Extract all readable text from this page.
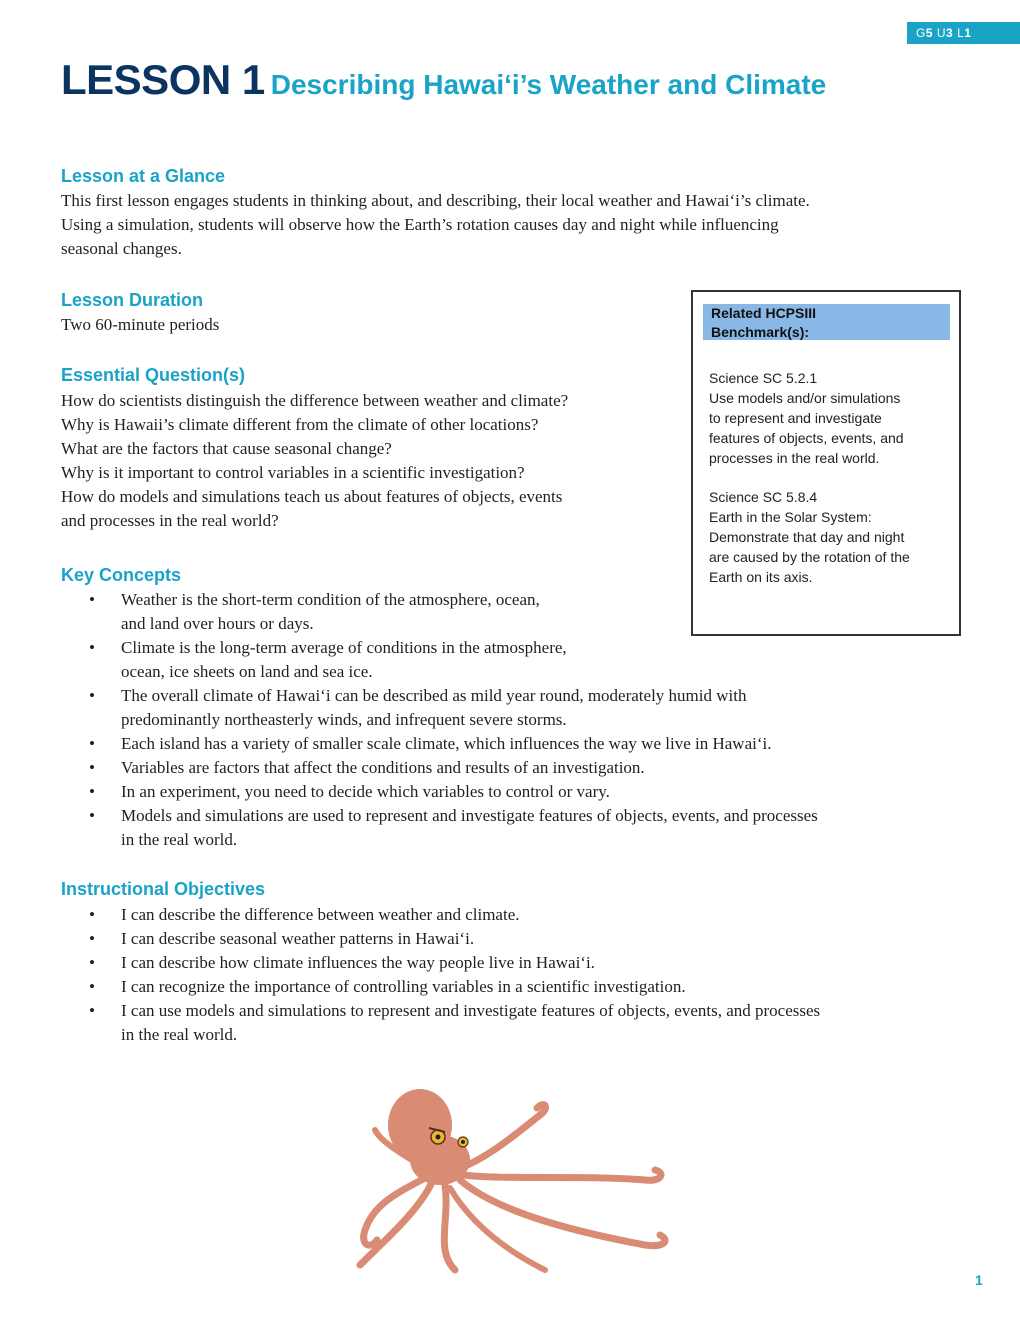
G5 U3 L1
LESSON 1 Describing Hawai‘i’s Weather and Climate
Lesson at a Glance
This first lesson engages students in thinking about, and describing, their local weather and Hawai‘i’s climate.
Using a simulation, students will observe how the Earth’s rotation causes day and night while influencing
seasonal changes.
Lesson Duration
Two 60-minute periods
Essential Question(s)
How do scientists distinguish the difference between weather and climate?
Why is Hawaii’s climate different from the climate of other locations?
What are the factors that cause seasonal change?
Why is it important to control variables in a scientific investigation?
How do models and simulations teach us about features of objects, events
and processes in the real world?
Key Concepts
• Weather is the short-term condition of the atmosphere, ocean,
and land over hours or days.
• Climate is the long-term average of conditions in the atmosphere,
ocean, ice sheets on land and sea ice.
• The overall climate of Hawai‘i can be described as mild year round, moderately humid with
predominantly northeasterly winds, and infrequent severe storms.
• Each island has a variety of smaller scale climate, which influences the way we live in Hawai‘i.
• Variables are factors that affect the conditions and results of an investigation.
• In an experiment, you need to decide which variables to control or vary.
• Models and simulations are used to represent and investigate features of objects, events, and processes
in the real world.
Instructional Objectives
• I can describe the difference between weather and climate.
• I can describe seasonal weather patterns in Hawai‘i.
• I can describe how climate influences the way people live in Hawai‘i.
• I can recognize the importance of controlling variables in a scientific investigation.
• I can use models and simulations to represent and investigate features of objects, events, and processes
in the real world.
Related HCPSIII
Benchmark(s):
Science SC 5.2.1
Use models and/or simulations
to represent and investigate
features of objects, events, and
processes in the real world.
Science SC 5.8.4
Earth in the Solar System:
Demonstrate that day and night
are caused by the rotation of the
Earth on its axis.
1
